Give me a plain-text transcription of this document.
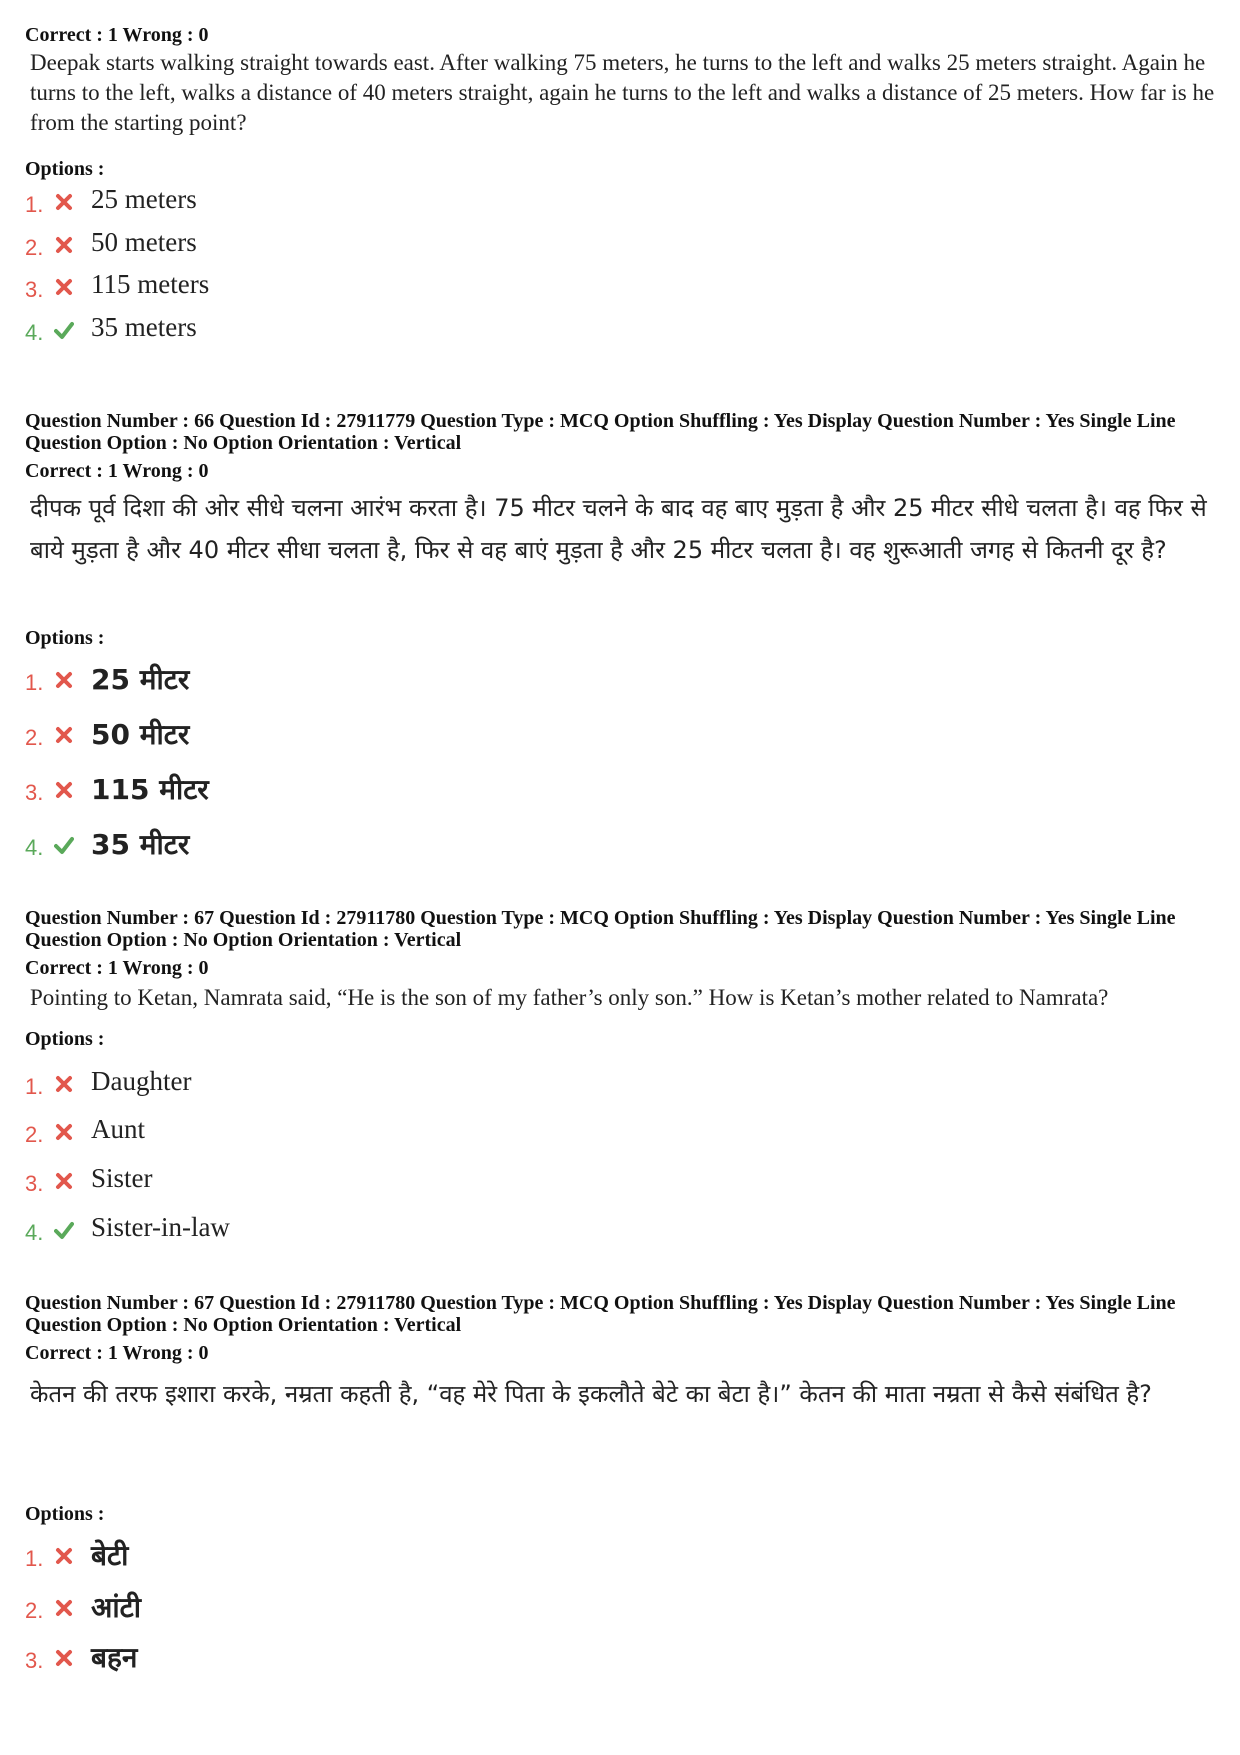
Correct : 1 Wrong : 0
Deepak starts walking straight towards east. After walking 75 meters, he turns to the left and walks 25 meters straight. Again he turns to the left, walks a distance of 40 meters straight, again he turns to the left and walks a distance of 25 meters. How far is he from the starting point?
Options :
1. 25 meters
2. 50 meters
3. 115 meters
4. 35 meters
Question Number : 66 Question Id : 27911779 Question Type : MCQ Option Shuffling : Yes Display Question Number : Yes Single Line Question Option : No Option Orientation : Vertical
Correct : 1 Wrong : 0
दीपक पूर्व दिशा की ओर सीधे चलना आरंभ करता है। 75 मीटर चलने के बाद वह बाए मुड़ता है और 25 मीटर सीधे चलता है। वह फिर से बाये मुड़ता है और 40 मीटर सीधा चलता है, फिर से वह बाएं मुड़ता है और 25 मीटर चलता है। वह शुरूआती जगह से कितनी दूर है?
Options :
1. 25 मीटर
2. 50 मीटर
3. 115 मीटर
4. 35 मीटर
Question Number : 67 Question Id : 27911780 Question Type : MCQ Option Shuffling : Yes Display Question Number : Yes Single Line Question Option : No Option Orientation : Vertical
Correct : 1 Wrong : 0
Pointing to Ketan, Namrata said, “He is the son of my father’s only son.” How is Ketan’s mother related to Namrata?
Options :
1. Daughter
2. Aunt
3. Sister
4. Sister-in-law
Question Number : 67 Question Id : 27911780 Question Type : MCQ Option Shuffling : Yes Display Question Number : Yes Single Line Question Option : No Option Orientation : Vertical
Correct : 1 Wrong : 0
केतन की तरफ इशारा करके, नम्रता कहती है, “वह मेरे पिता के इकलौते बेटे का बेटा है।” केतन की माता नम्रता से कैसे संबंधित है?
Options :
1. बेटी
2. आंटी
3. बहन
